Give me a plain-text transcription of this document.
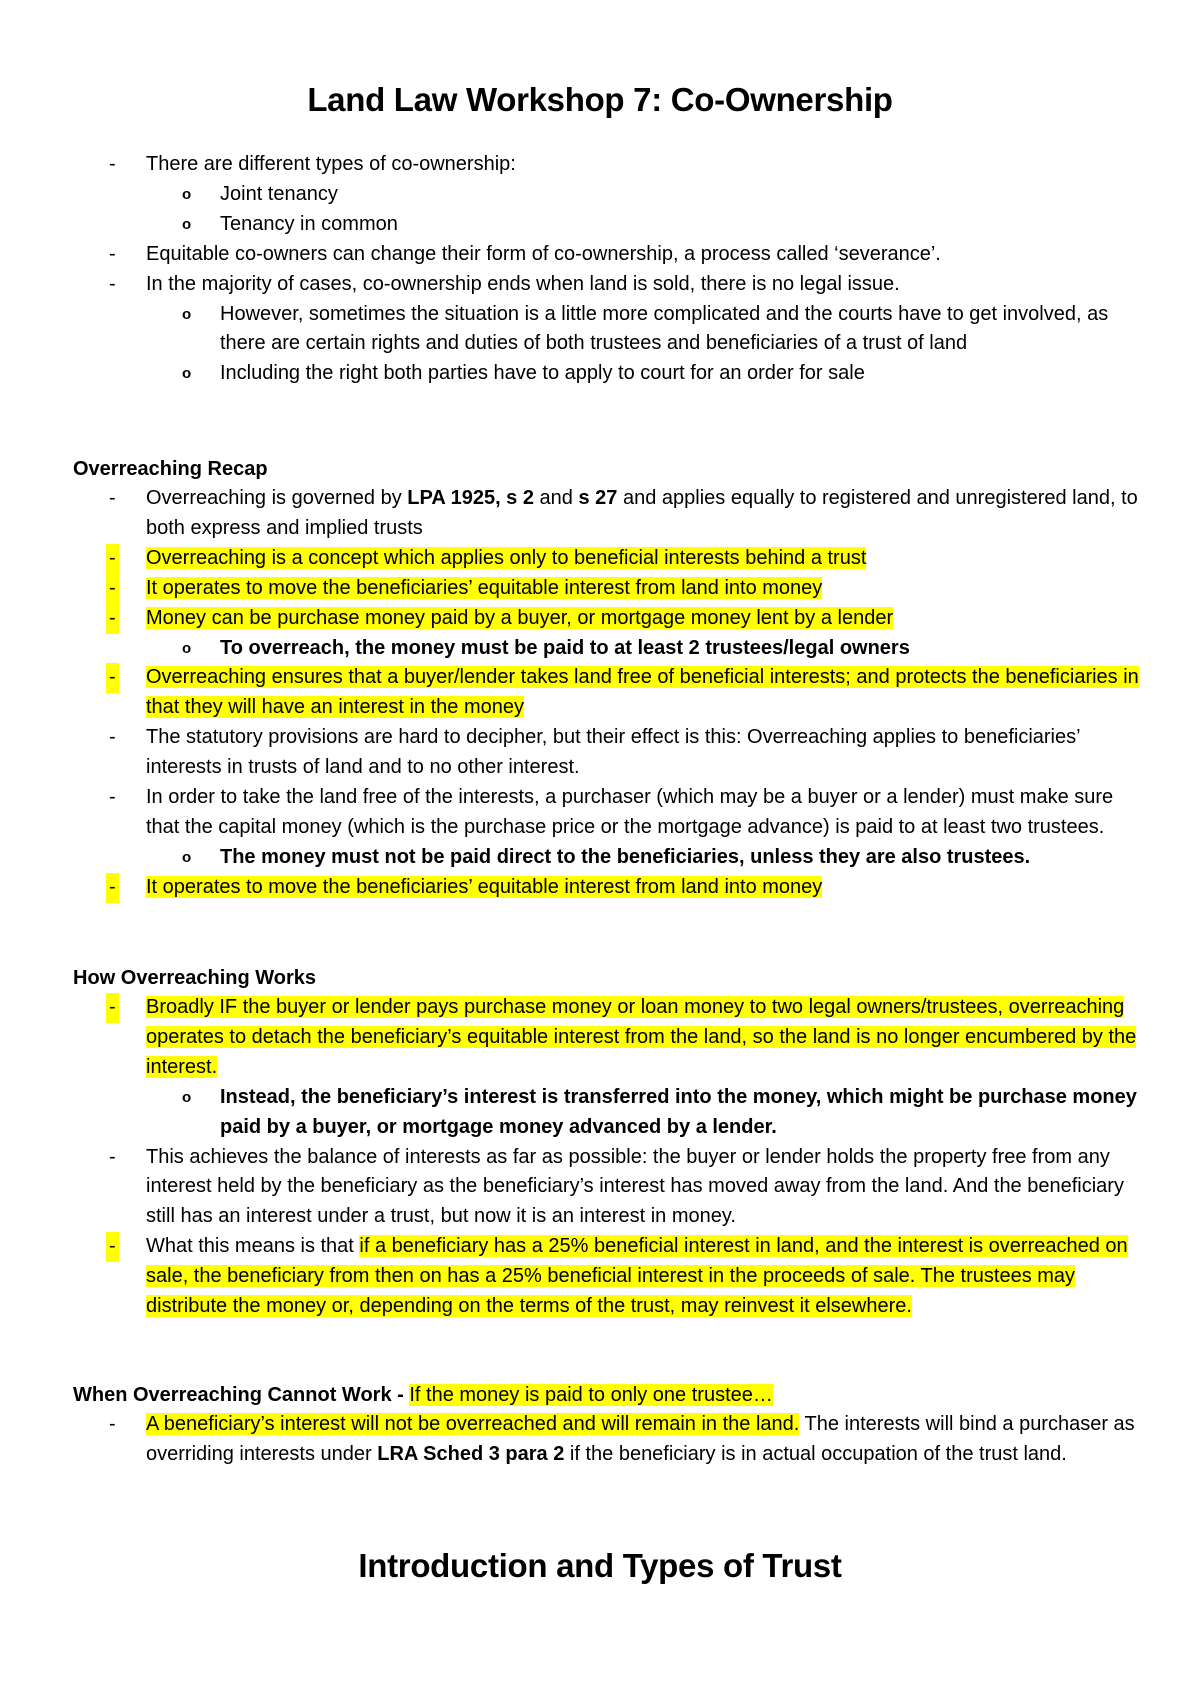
Land Law Workshop 7: Co-Ownership
-
There are different types of co-ownership:
o
Joint tenancy
o
Tenancy in common
-
Equitable co-owners can change their form of co-ownership, a process called ‘severance’.
-
In the majority of cases, co-ownership ends when land is sold, there is no legal issue.
o
However, sometimes the situation is a little more complicated and the courts have to get involved, as there are certain rights and duties of both trustees and beneficiaries of a trust of land
o
Including the right both parties have to apply to court for an order for sale
Overreaching Recap
-
Overreaching is governed by LPA 1925, s 2 and s 27 and applies equally to registered and unregistered land, to both express and implied trusts
-
Overreaching is a concept which applies only to beneficial interests behind a trust
-
It operates to move the beneficiaries’ equitable interest from land into money
-
Money can be purchase money paid by a buyer, or mortgage money lent by a lender
o
To overreach, the money must be paid to at least 2 trustees/legal owners
-
Overreaching ensures that a buyer/lender takes land free of beneficial interests; and protects the beneficiaries in that they will have an interest in the money
-
The statutory provisions are hard to decipher, but their effect is this: Overreaching applies to beneficiaries’ interests in trusts of land and to no other interest.
-
In order to take the land free of the interests, a purchaser (which may be a buyer or a lender) must make sure that the capital money (which is the purchase price or the mortgage advance) is paid to at least two trustees.
o
The money must not be paid direct to the beneficiaries, unless they are also trustees.
-
It operates to move the beneficiaries’ equitable interest from land into money
How Overreaching Works
-
Broadly IF the buyer or lender pays purchase money or loan money to two legal owners/trustees, overreaching operates to detach the beneficiary’s equitable interest from the land, so the land is no longer encumbered by the interest.
o
Instead, the beneficiary’s interest is transferred into the money, which might be purchase money paid by a buyer, or mortgage money advanced by a lender.
-
This achieves the balance of interests as far as possible: the buyer or lender holds the property free from any interest held by the beneficiary as the beneficiary’s interest has moved away from the land. And the beneficiary still has an interest under a trust, but now it is an interest in money.
-
What this means is that if a beneficiary has a 25% beneficial interest in land, and the interest is overreached on sale, the beneficiary from then on has a 25% beneficial interest in the proceeds of sale. The trustees may distribute the money or, depending on the terms of the trust, may reinvest it elsewhere.
When Overreaching Cannot Work - If the money is paid to only one trustee…
-
A beneficiary’s interest will not be overreached and will remain in the land. The interests will bind a purchaser as overriding interests under LRA Sched 3 para 2 if the beneficiary is in actual occupation of the trust land.
Introduction and Types of Trust
